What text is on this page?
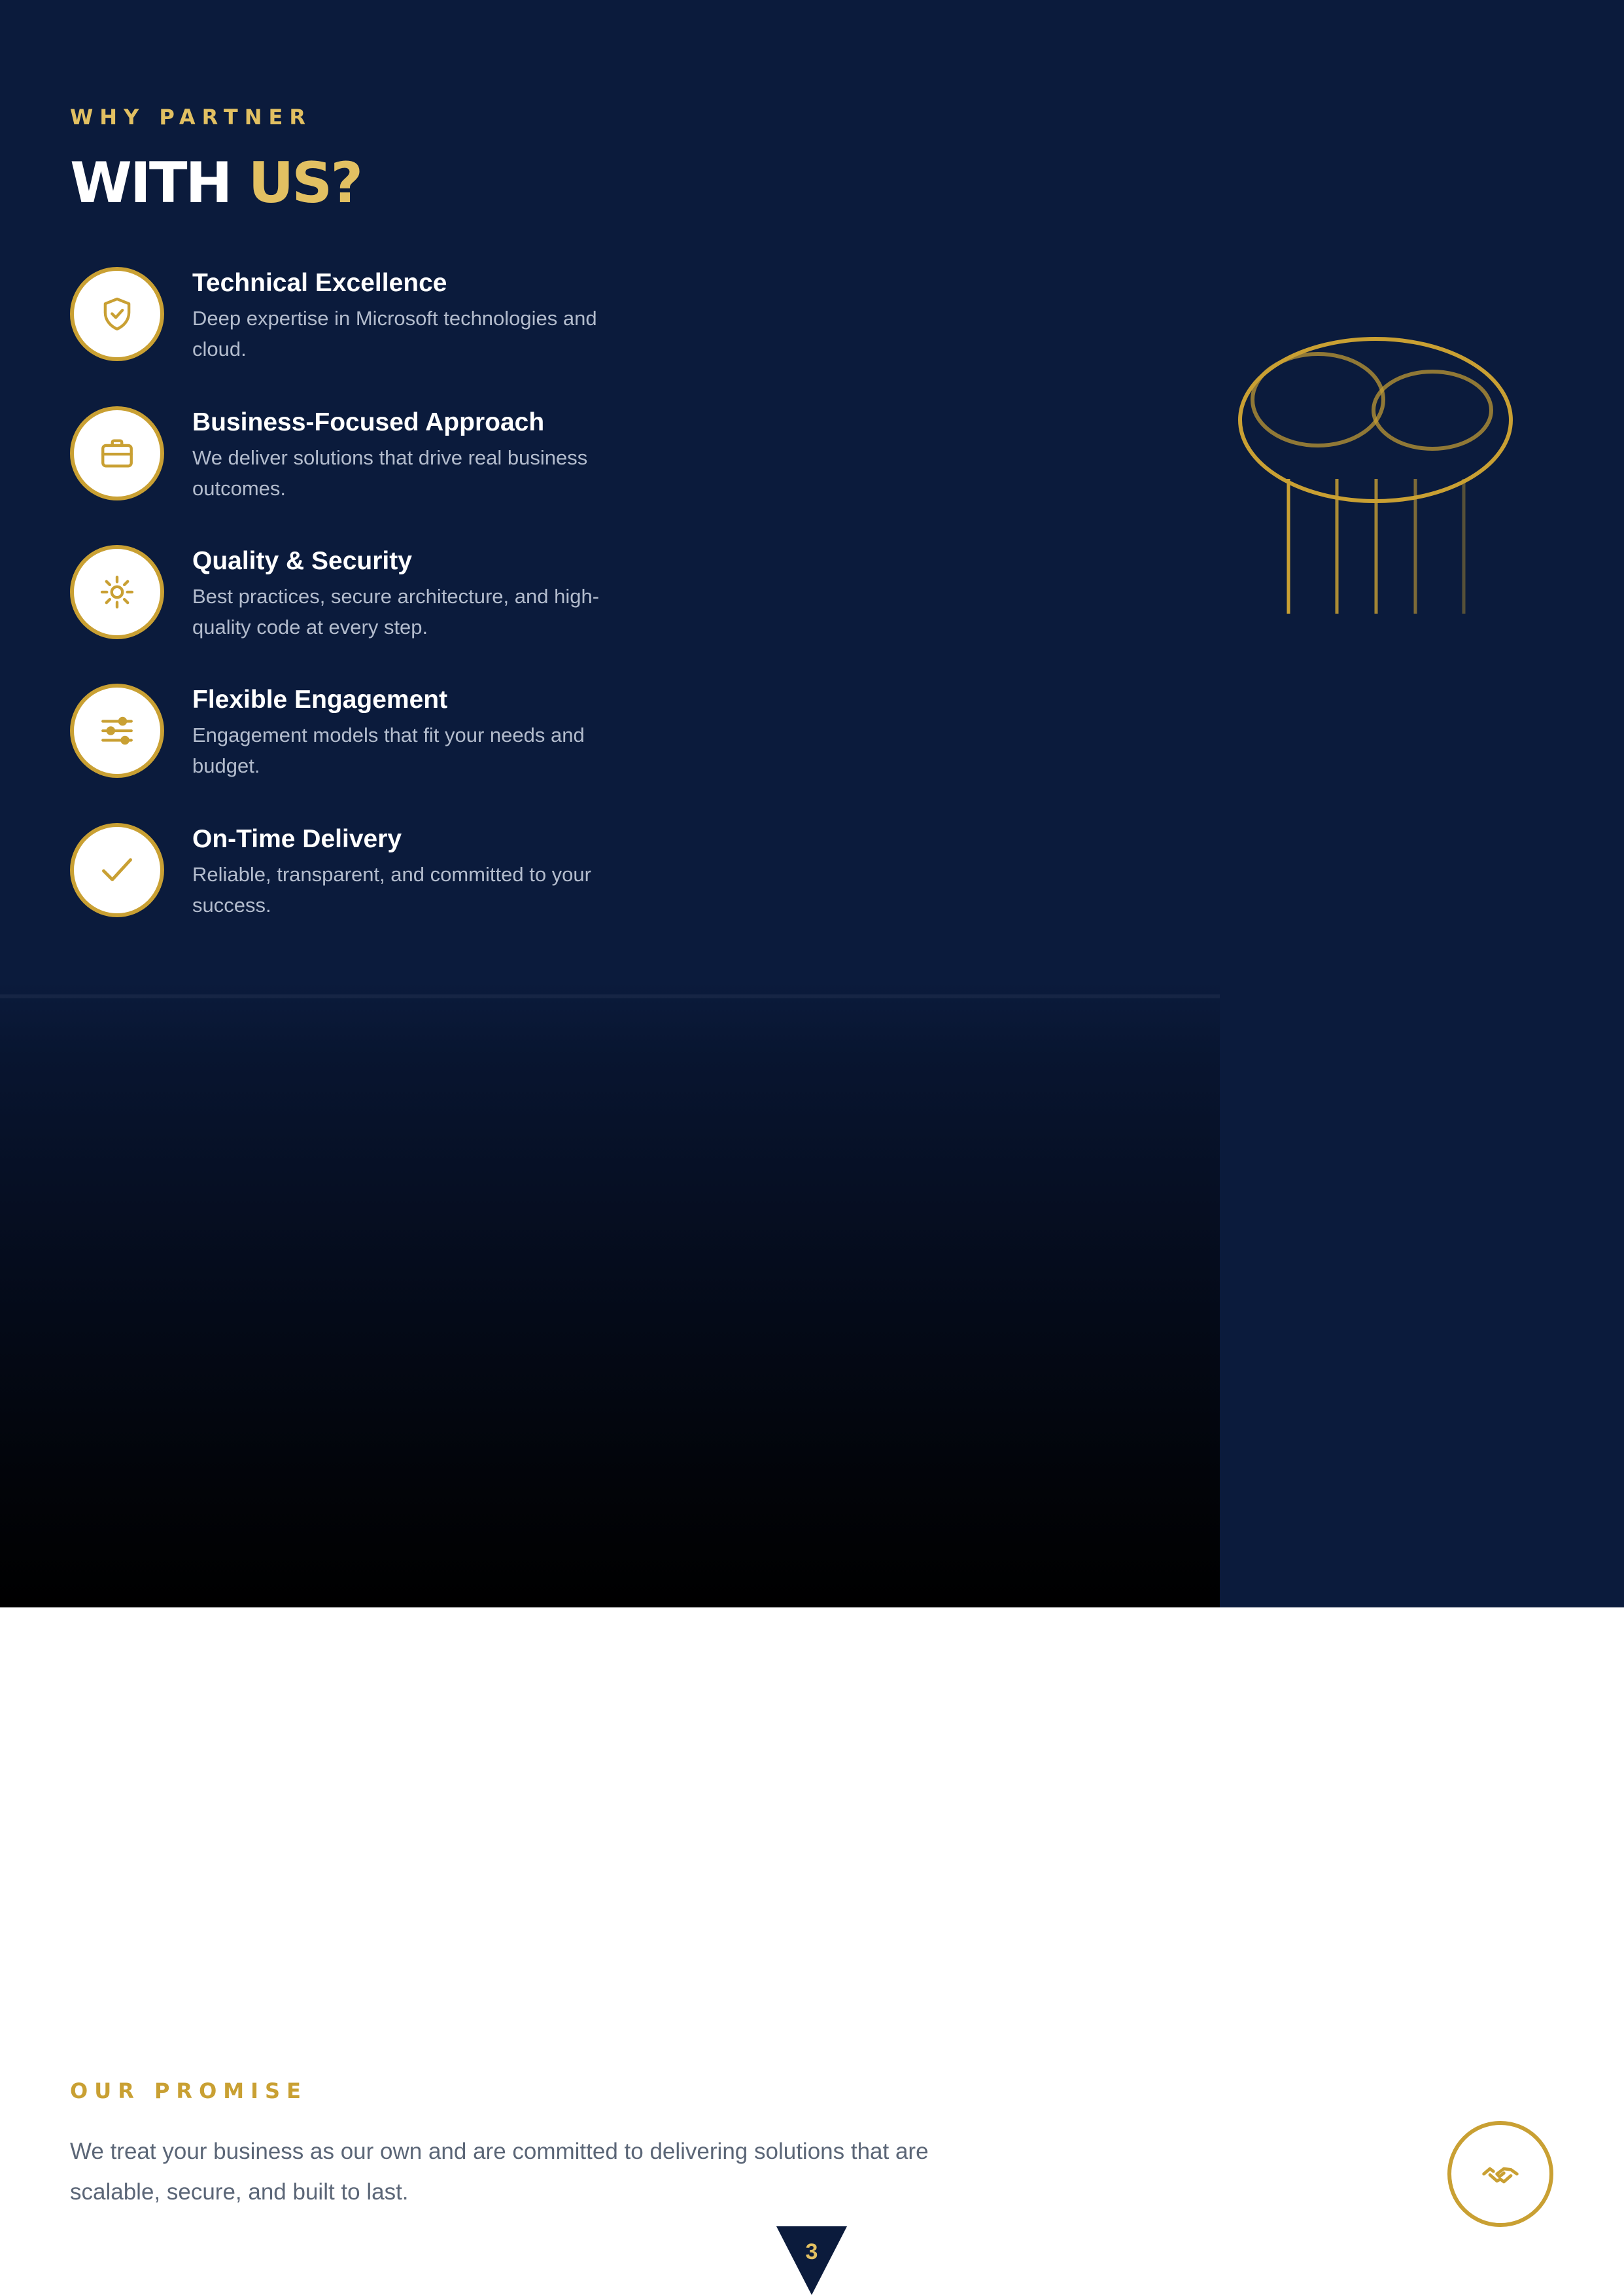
WHY PARTNER
WITH US?
Technical Excellence
Deep expertise in Microsoft technologies and cloud.
Business-Focused Approach
We deliver solutions that drive real business outcomes.
Quality & Security
Best practices, secure architecture, and high-quality code at every step.
Flexible Engagement
Engagement models that fit your needs and budget.
On-Time Delivery
Reliable, transparent, and committed to your success.
OUR PROMISE

We treat your business as our own and are committed to delivering solutions that are scalable, secure, and built to last.

3
